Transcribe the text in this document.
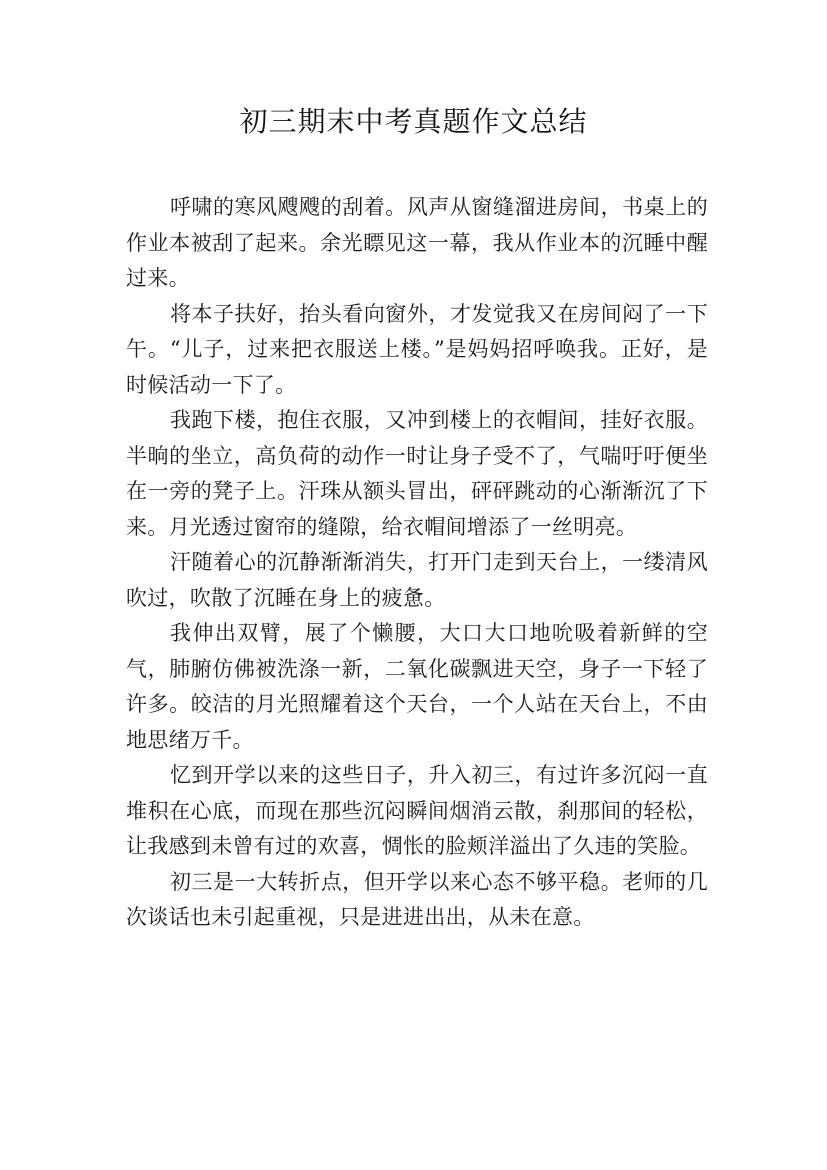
初三期末中考真题作文总结

呼啸的寒风飕飕的刮着。风声从窗缝溜进房间，书桌上的作业本被刮了起来。余光瞟见这一幕，我从作业本的沉睡中醒过来。

将本子扶好，抬头看向窗外，才发觉我又在房间闷了一下午。“儿子，过来把衣服送上楼。”是妈妈招呼唤我。正好，是时候活动一下了。

我跑下楼，抱住衣服，又冲到楼上的衣帽间，挂好衣服。半晌的坐立，高负荷的动作一时让身子受不了，气喘吁吁便坐在一旁的凳子上。汗珠从额头冒出，砰砰跳动的心渐渐沉了下来。月光透过窗帘的缝隙，给衣帽间增添了一丝明亮。

汗随着心的沉静渐渐消失，打开门走到天台上，一缕清风吹过，吹散了沉睡在身上的疲惫。

我伸出双臂，展了个懒腰，大口大口地吮吸着新鲜的空气，肺腑仿佛被洗涤一新，二氧化碳飘进天空，身子一下轻了许多。皎洁的月光照耀着这个天台，一个人站在天台上，不由地思绪万千。

忆到开学以来的这些日子，升入初三，有过许多沉闷一直堆积在心底，而现在那些沉闷瞬间烟消云散，刹那间的轻松，让我感到未曾有过的欢喜，惆怅的脸颊洋溢出了久违的笑脸。

初三是一大转折点，但开学以来心态不够平稳。老师的几次谈话也未引起重视，只是进进出出，从未在意。
